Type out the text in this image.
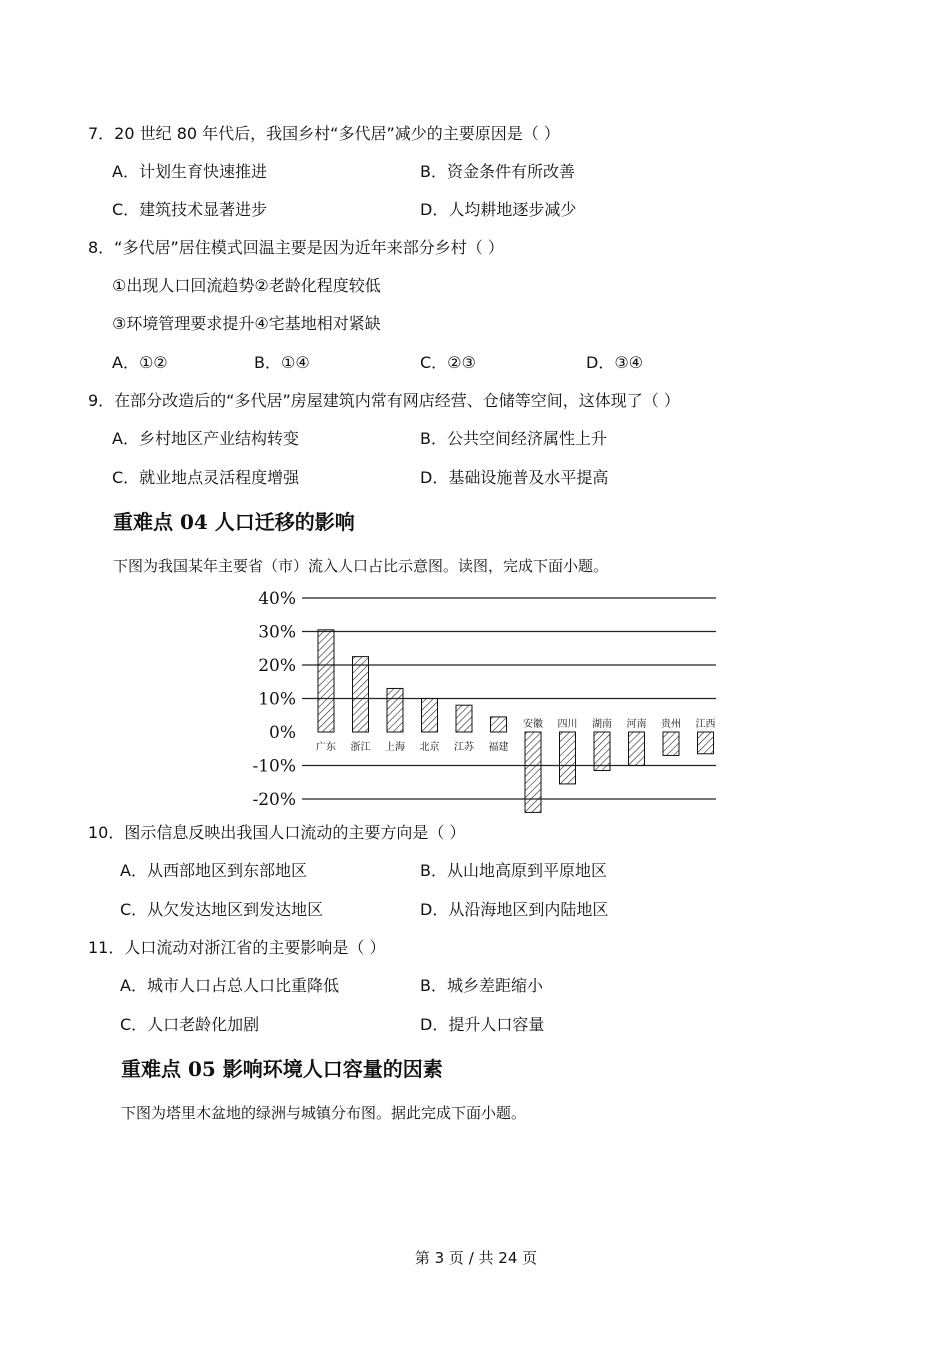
7．20 世纪 80 年代后，我国乡村“多代居”减少的主要原因是（ ）
A．计划生育快速推进	B．资金条件有所改善
C．建筑技术显著进步	D．人均耕地逐步减少
8．“多代居”居住模式回温主要是因为近年来部分乡村（ ）
①出现人口回流趋势②老龄化程度较低
③环境管理要求提升④宅基地相对紧缺
A．①②	B．①④	C．②③	D．③④
9．在部分改造后的“多代居”房屋建筑内常有网店经营、仓储等空间，这体现了（ ）
A．乡村地区产业结构转变	B．公共空间经济属性上升
C．就业地点灵活程度增强	D．基础设施普及水平提高
重难点 04 人口迁移的影响
下图为我国某年主要省（市）流入人口占比示意图。读图，完成下面小题。
40%
30%
20%
10%
0%
-10%
-20%
广东 浙江 上海 北京 江苏 福建
安徽 四川 湖南 河南 贵州 江西
10．图示信息反映出我国人口流动的主要方向是（ ）
A．从西部地区到东部地区	B．从山地高原到平原地区
C．从欠发达地区到发达地区	D．从沿海地区到内陆地区
11．人口流动对浙江省的主要影响是（ ）
A．城市人口占总人口比重降低	B．城乡差距缩小
C．人口老龄化加剧	D．提升人口容量
重难点 05 影响环境人口容量的因素
下图为塔里木盆地的绿洲与城镇分布图。据此完成下面小题。
第 3 页 / 共 24 页
